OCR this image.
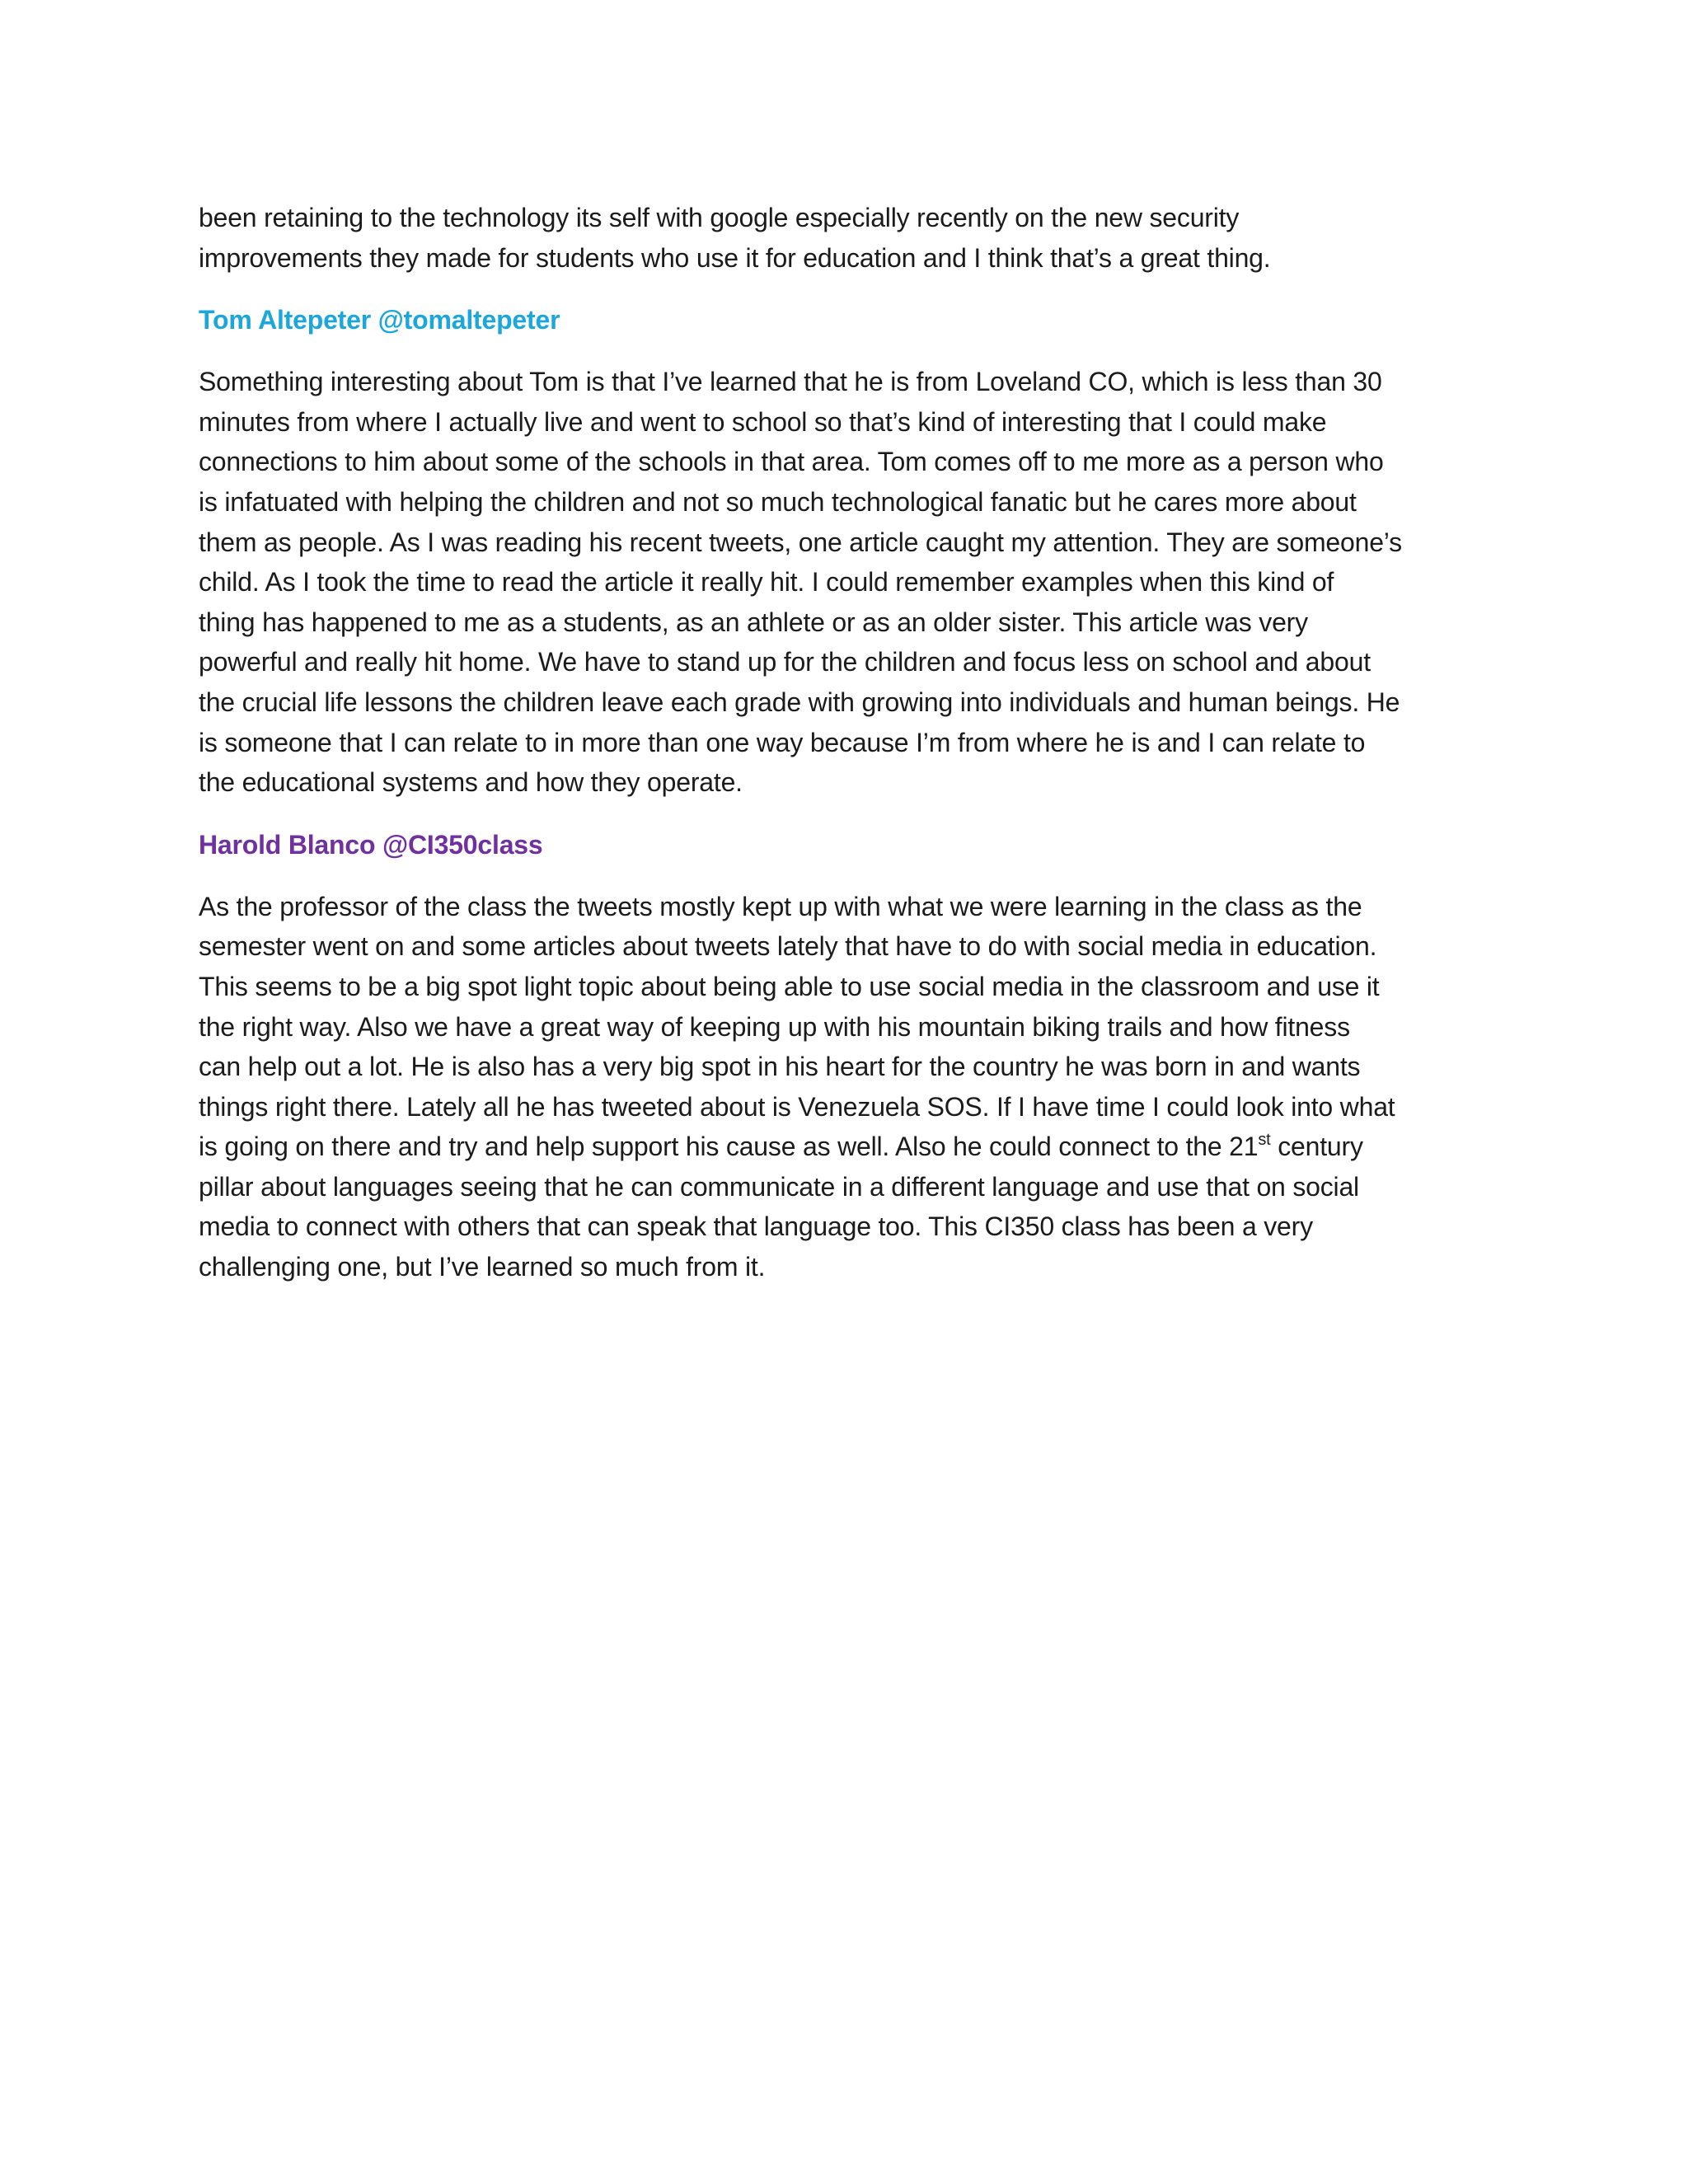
been retaining to the technology its self with google especially recently on the new security
improvements they made for students who use it for education and I think that’s a great thing.
Tom Altepeter @tomaltepeter
Something interesting about Tom is that I’ve learned that he is from Loveland CO, which is less than 30
minutes from where I actually live and went to school so that’s kind of interesting that I could make
connections to him about some of the schools in that area. Tom comes off to me more as a person who
is infatuated with helping the children and not so much technological fanatic but he cares more about
them as people. As I was reading his recent tweets, one article caught my attention. They are someone’s
child. As I took the time to read the article it really hit. I could remember examples when this kind of
thing has happened to me as a students, as an athlete or as an older sister. This article was very
powerful and really hit home. We have to stand up for the children and focus less on school and about
the crucial life lessons the children leave each grade with growing into individuals and human beings. He
is someone that I can relate to in more than one way because I’m from where he is and I can relate to
the educational systems and how they operate.
Harold Blanco @CI350class
As the professor of the class the tweets mostly kept up with what we were learning in the class as the
semester went on and some articles about tweets lately that have to do with social media in education.
This seems to be a big spot light topic about being able to use social media in the classroom and use it
the right way. Also we have a great way of keeping up with his mountain biking trails and how fitness
can help out a lot. He is also has a very big spot in his heart for the country he was born in and wants
things right there. Lately all he has tweeted about is Venezuela SOS. If I have time I could look into what
is going on there and try and help support his cause as well. Also he could connect to the 21st century
pillar about languages seeing that he can communicate in a different language and use that on social
media to connect with others that can speak that language too. This CI350 class has been a very
challenging one, but I’ve learned so much from it.
